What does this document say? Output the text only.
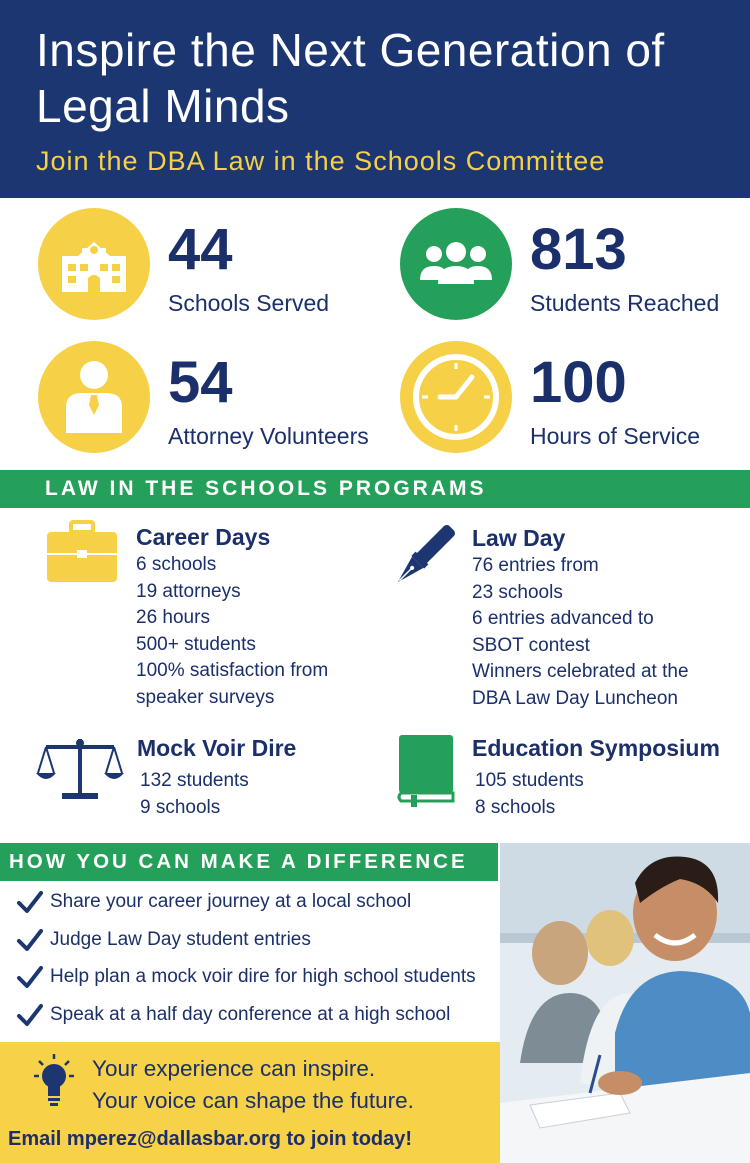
Inspire the Next Generation of Legal Minds
Join the DBA Law in the Schools Committee
44
Schools Served
813
Students Reached
54
Attorney Volunteers
100
Hours of Service
LAW IN THE SCHOOLS PROGRAMS
Career Days
6 schools
19 attorneys
26 hours
500+ students
100% satisfaction from
speaker surveys
Law Day
76 entries from
23 schools
6 entries advanced to
SBOT contest
Winners celebrated at the
DBA Law Day Luncheon
Mock Voir Dire
132 students
9 schools
Education Symposium
105 students
8 schools
HOW YOU CAN MAKE A DIFFERENCE
Share your career journey at a local school
Judge Law Day student entries
Help plan a mock voir dire for high school students
Speak at a half day conference at a high school
Your experience can inspire.
Your voice can shape the future.
Email mperez@dallasbar.org to join today!
